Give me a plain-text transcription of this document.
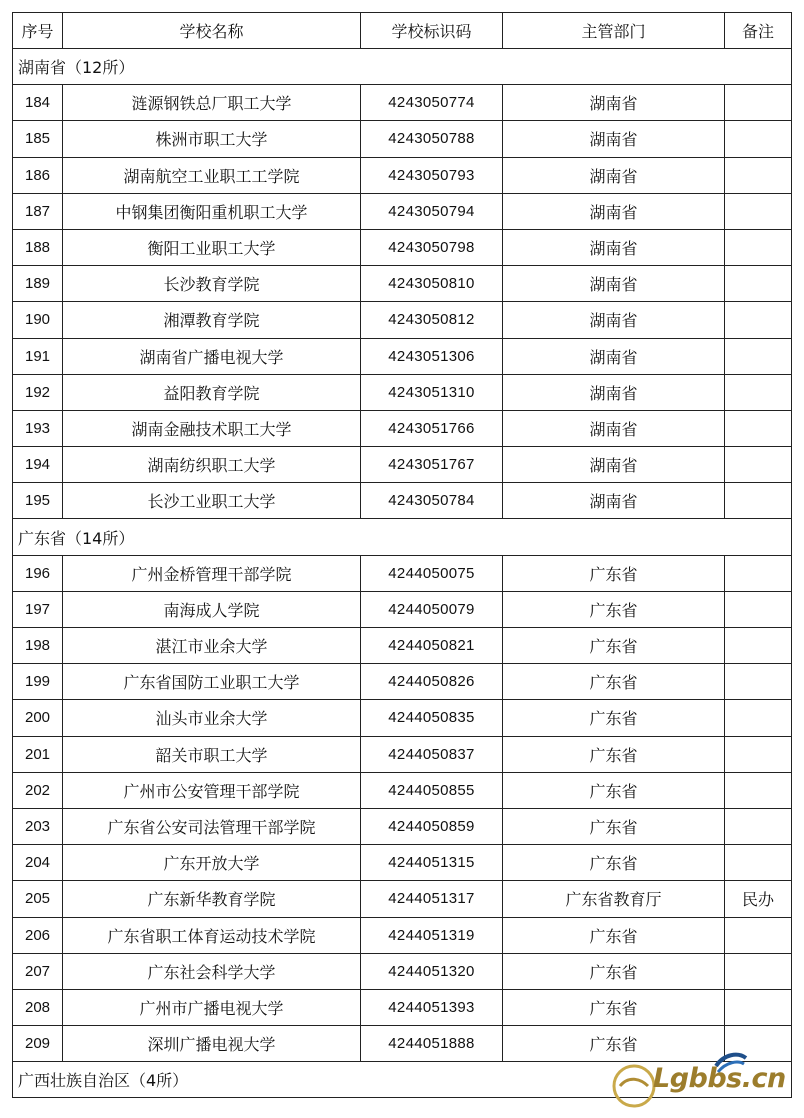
序号	学校名称	学校标识码	主管部门	备注
湖南省（12所）				
184	涟源钢铁总厂职工大学	4243050774	湖南省	
185	株洲市职工大学	4243050788	湖南省	
186	湖南航空工业职工工学院	4243050793	湖南省	
187	中钢集团衡阳重机职工大学	4243050794	湖南省	
188	衡阳工业职工大学	4243050798	湖南省	
189	长沙教育学院	4243050810	湖南省	
190	湘潭教育学院	4243050812	湖南省	
191	湖南省广播电视大学	4243051306	湖南省	
192	益阳教育学院	4243051310	湖南省	
193	湖南金融技术职工大学	4243051766	湖南省	
194	湖南纺织职工大学	4243051767	湖南省	
195	长沙工业职工大学	4243050784	湖南省	
广东省（14所）				
196	广州金桥管理干部学院	4244050075	广东省	
197	南海成人学院	4244050079	广东省	
198	湛江市业余大学	4244050821	广东省	
199	广东省国防工业职工大学	4244050826	广东省	
200	汕头市业余大学	4244050835	广东省	
201	韶关市职工大学	4244050837	广东省	
202	广州市公安管理干部学院	4244050855	广东省	
203	广东省公安司法管理干部学院	4244050859	广东省	
204	广东开放大学	4244051315	广东省	
205	广东新华教育学院	4244051317	广东省教育厅	民办
206	广东省职工体育运动技术学院	4244051319	广东省	
207	广东社会科学大学	4244051320	广东省	
208	广州市广播电视大学	4244051393	广东省	
209	深圳广播电视大学	4244051888	广东省	
广西壮族自治区（4所）					Lgbbs.cn
